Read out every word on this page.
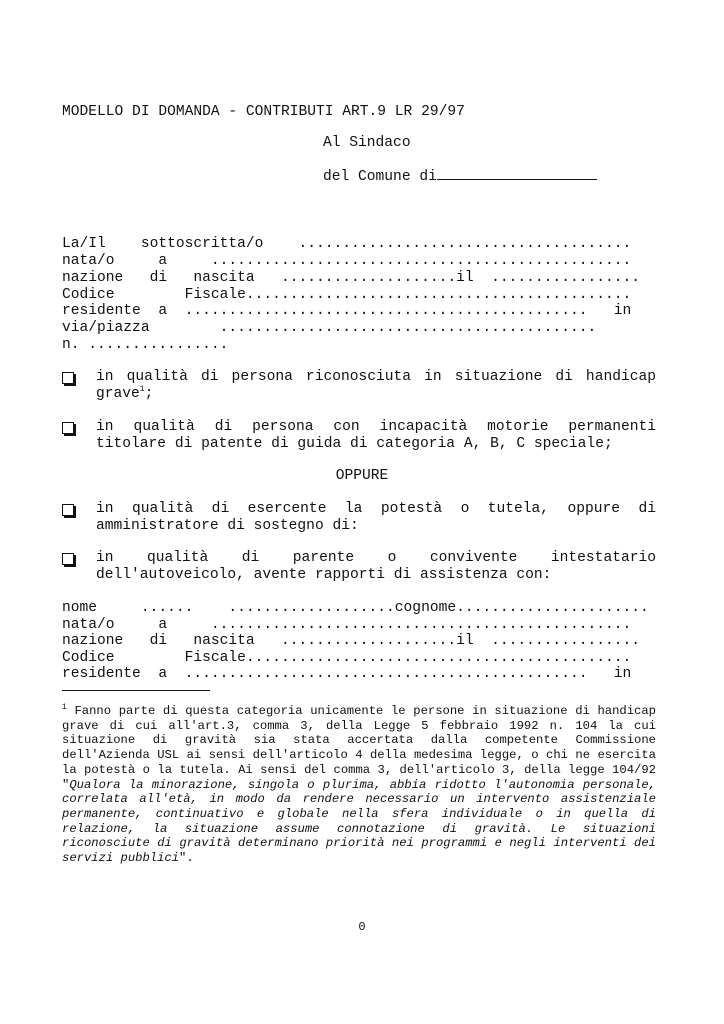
MODELLO DI DOMANDA - CONTRIBUTI ART.9 LR 29/97
Al Sindaco
del Comune di
La/Il    sottoscritta/o    ......................................
nata/o     a     ................................................
nazione   di   nascita   ....................il  .................
Codice        Fiscale............................................
residente  a  ..............................................   in
via/piazza        ...........................................
n. ................
in qualità di persona riconosciuta in situazione di handicap
grave$^1$;
in qualità di persona con incapacità motorie permanenti
titolare di patente di guida di categoria A, B, C speciale;
OPPURE
in qualità di esercente la potestà o tutela, oppure di
amministratore di sostegno di:
in qualità di parente o convivente intestatario
dell'autoveicolo, avente rapporti di assistenza con:
nome     ......    ...................cognome......................
nata/o     a     ................................................
nazione   di   nascita   ....................il  .................
Codice        Fiscale............................................
residente  a  ..............................................   in
$^1$ Fanno parte di questa categoria unicamente le persone in situazione di handicap grave di cui all'art.3, comma 3, della Legge 5 febbraio 1992 n. 104 la cui situazione di gravità sia stata accertata dalla competente Commissione dell'Azienda USL ai sensi dell'articolo 4 della medesima legge, o chi ne esercita la potestà o la tutela. Ai sensi del comma 3, dell'articolo 3, della legge 104/92 "Qualora la minorazione, singola o plurima, abbia ridotto l'autonomia personale, correlata all'età, in modo da rendere necessario un intervento assistenziale permanente, continuativo e globale nella sfera individuale o in quella di relazione, la situazione assume connotazione di gravità. Le situazioni riconosciute di gravità determinano priorità nei programmi e negli interventi dei servizi pubblici".
0
